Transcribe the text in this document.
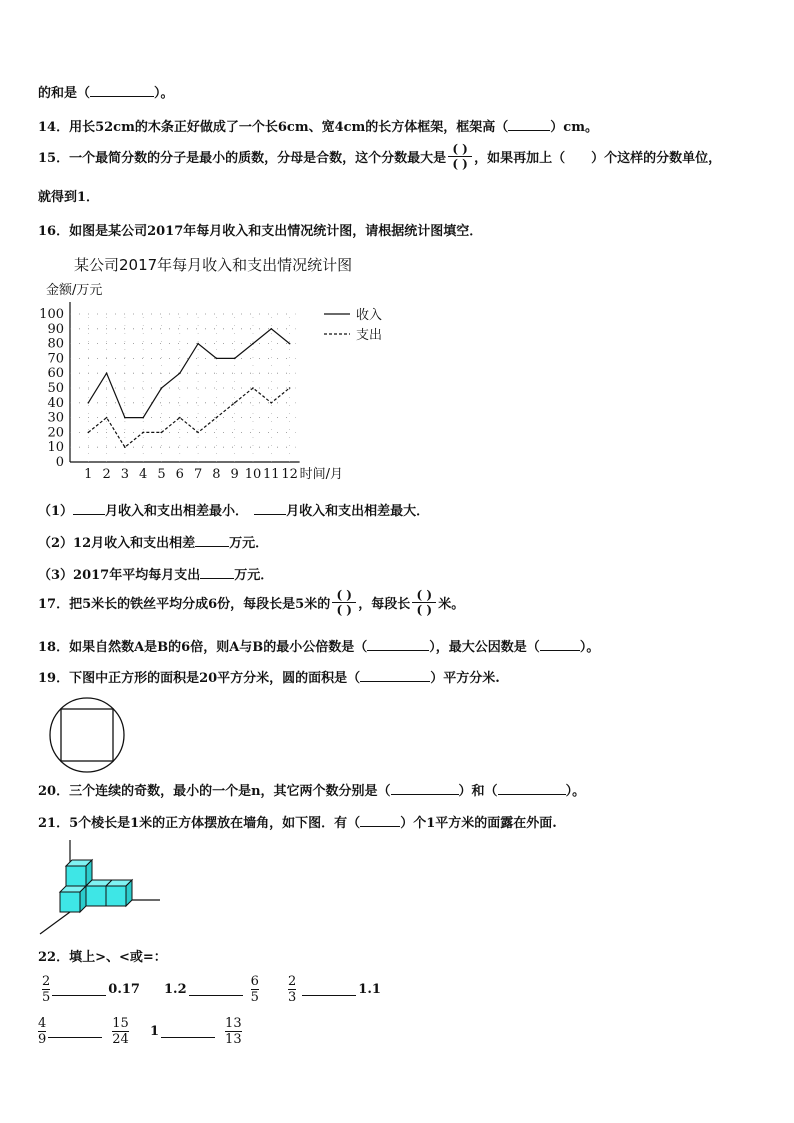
的和是（	）。
14．用长52cm的木条正好做成了一个长6cm、宽4cm的长方体框架，框架高（	）cm。
15．一个最简分数的分子是最小的质数，分母是合数，这个分数最大是 $\frac{( )}{( )}$ ，如果再加上（　　）个这样的分数单位，
就得到1．
16．如图是某公司2017年每月收入和支出情况统计图，请根据统计图填空．
某公司2017年每月收入和支出情况统计图
金额/万元
0
10
20
30
40
50
60
70
80
90
100
1 2 3 4 5 6 7 8 9 10 11 12 时间/月
收入
支出
（1） 月收入和支出相差最小．	月收入和支出相差最大．
（2）12月收入和支出相差	万元．
（3）2017年平均每月支出	万元．
17．把5米长的铁丝平均分成6份，每段长是5米的 $\frac{( )}{( )}$ ，每段长 $\frac{( )}{( )}$ 米。
18．如果自然数A是B的6倍，则A与B的最小公倍数是（	），最大公因数是（	）。
19．下图中正方形的面积是20平方分米，圆的面积是（	）平方分米.
20．三个连续的奇数，最小的一个是n，其它两个数分别是（	）和（	）。
21．5个棱长是1米的正方体摆放在墙角，如下图．有（	）个1平方米的面露在外面.
22．填上>、<或=：
2
5
0.17 1.2
6
5
2
3
1.1
4
9
15
24
1
13
13
